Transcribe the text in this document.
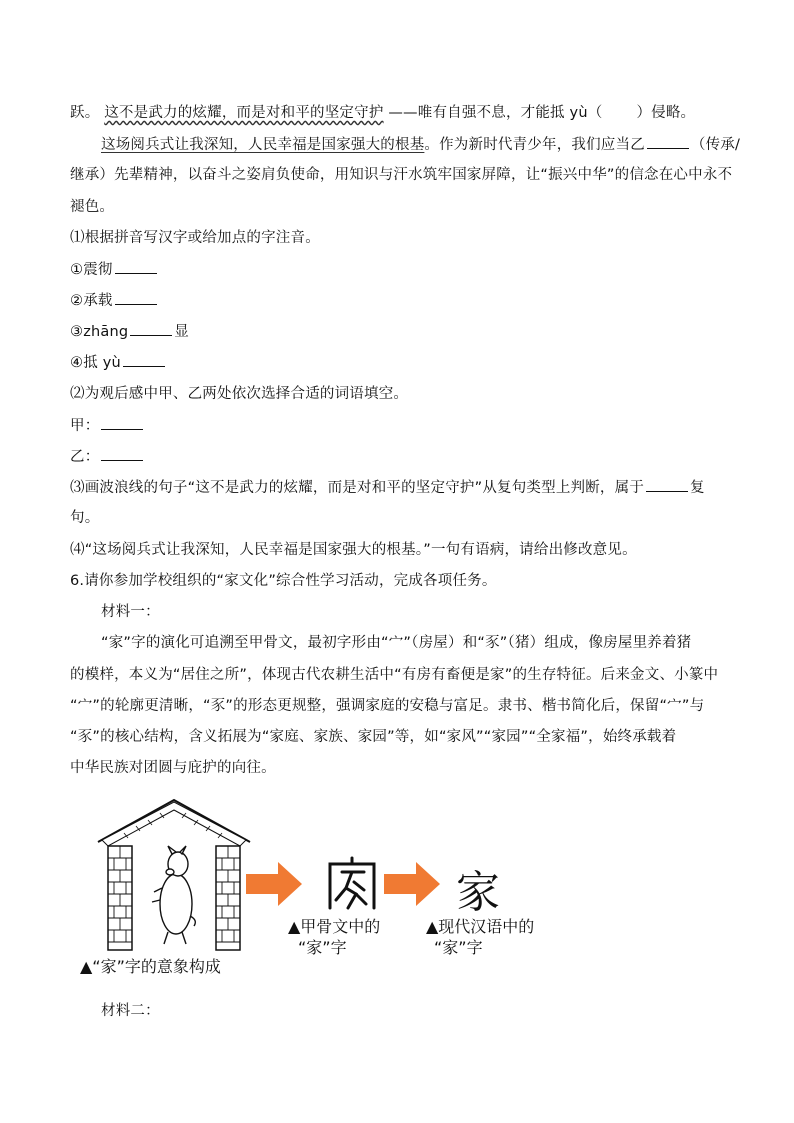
跃。 这不是武力的炫耀，而是对和平的坚定守护 ——唯有自强不息，才能抵 yù（ ）侵略。
这场阅兵式让我深知，人民幸福是国家强大的根基。作为新时代青少年，我们应当乙	（传承/
继承）先辈精神，以奋斗之姿肩负使命，用知识与汗水筑牢国家屏障，让“振兴中华”的信念在心中永不
褪色。
⑴根据拼音写汉字或给加点的字注音。
①震彻
②承载
③zhāng	显
④抵 yù
⑵为观后感中甲、乙两处依次选择合适的词语填空。
甲：
乙：
⑶画波浪线的句子“这不是武力的炫耀，而是对和平的坚定守护”从复句类型上判断，属于	复
句。
⑷“这场阅兵式让我深知，人民幸福是国家强大的根基。”一句有语病，请给出修改意见。
6.请你参加学校组织的“家文化”综合性学习活动，完成各项任务。
材料一：
“家”字的演化可追溯至甲骨文，最初字形由“宀”（房屋）和“豕”（猪）组成，像房屋里养着猪
的模样，本义为“居住之所”，体现古代农耕生活中“有房有畜便是家”的生存特征。后来金文、小篆中
“宀”的轮廓更清晰，“豕”的形态更规整，强调家庭的安稳与富足。隶书、楷书简化后，保留“宀”与
“豕”的核心结构，含义拓展为“家庭、家族、家园”等，如“家风”“家园”“全家福”，始终承载着
中华民族对团圆与庇护的向往。
家
▲甲骨文中的
“家”字
▲现代汉语中的
“家”字
▲“家”字的意象构成
材料二：
